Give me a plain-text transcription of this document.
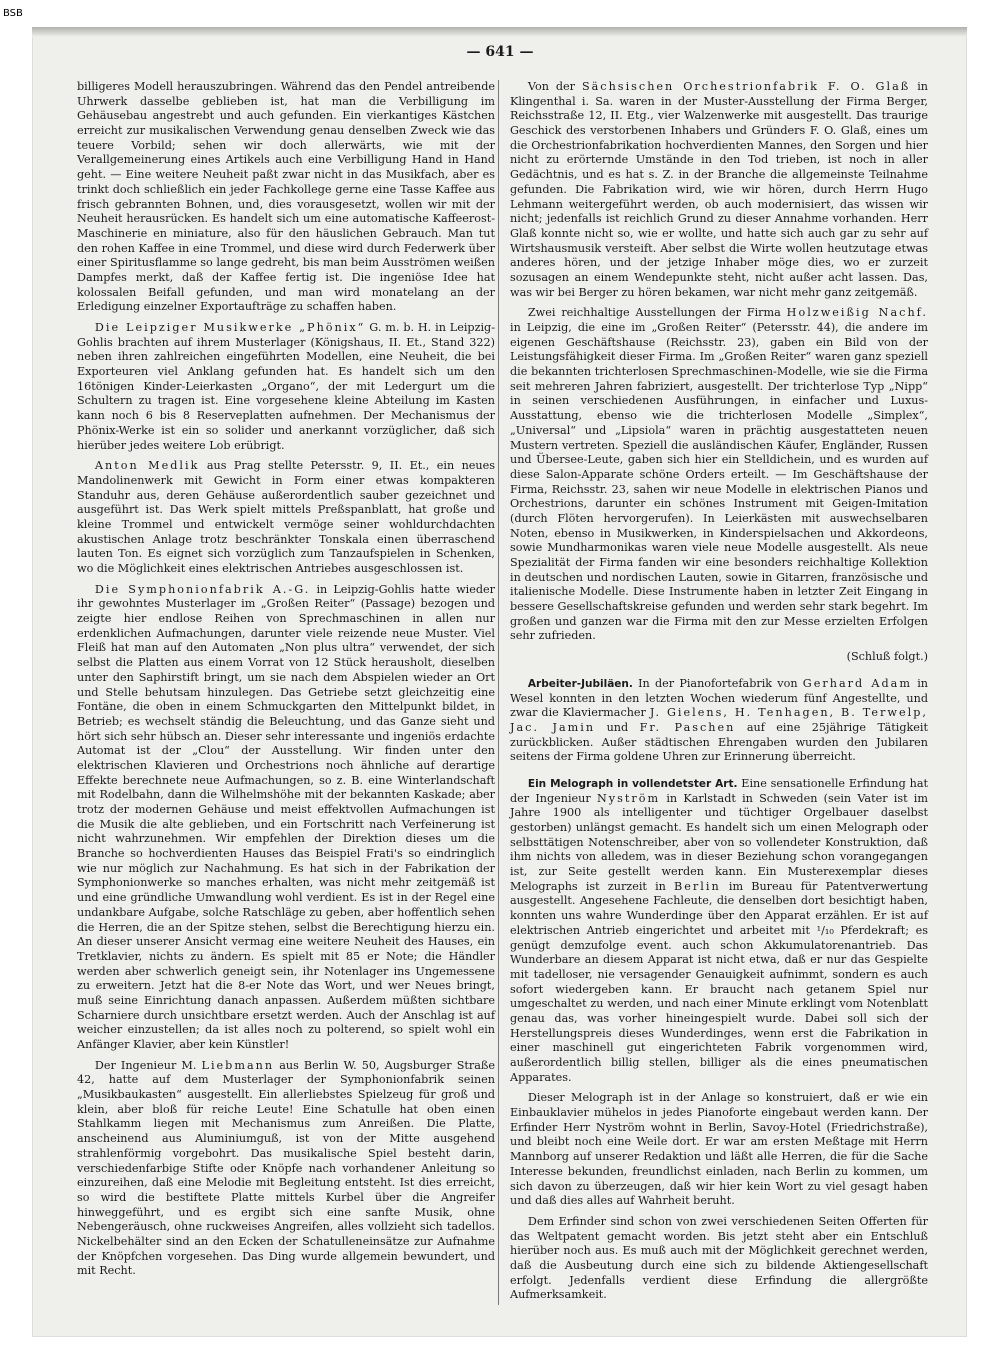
BSB
— 641 —

billigeres Modell herauszubringen. Während das den Pendel antreibende Uhrwerk dasselbe geblieben ist, hat man die Verbilligung im Gehäusebau angestrebt und auch gefunden. Ein vierkantiges Kästchen erreicht zur musikalischen Verwendung genau denselben Zweck wie das teuere Vorbild; sehen wir doch allerwärts, wie mit der Verallgemeinerung eines Artikels auch eine Verbilligung Hand in Hand geht. — Eine weitere Neuheit paßt zwar nicht in das Musikfach, aber es trinkt doch schließlich ein jeder Fachkollege gerne eine Tasse Kaffee aus frisch gebrannten Bohnen, und, dies vorausgesetzt, wollen wir mit der Neuheit herausrücken. Es handelt sich um eine automatische Kaffeerost-Maschinerie en miniature, also für den häuslichen Gebrauch. Man tut den rohen Kaffee in eine Trommel, und diese wird durch Federwerk über einer Spiritusflamme so lange gedreht, bis man beim Ausströmen weißen Dampfes merkt, daß der Kaffee fertig ist. Die ingeniöse Idee hat kolossalen Beifall gefunden, und man wird monatelang an der Erledigung einzelner Exportaufträge zu schaffen haben.

Die Leipziger Musikwerke „Phönix“ G. m. b. H. in Leipzig-Gohlis brachten auf ihrem Musterlager (Königshaus, II. Et., Stand 322) neben ihren zahlreichen eingeführten Modellen, eine Neuheit, die bei Exporteuren viel Anklang gefunden hat. Es handelt sich um den 16tönigen Kinder-Leierkasten „Organo“, der mit Ledergurt um die Schultern zu tragen ist. Eine vorgesehene kleine Abteilung im Kasten kann noch 6 bis 8 Reserveplatten aufnehmen. Der Mechanismus der Phönix-Werke ist ein so solider und anerkannt vorzüglicher, daß sich hierüber jedes weitere Lob erübrigt.

Anton Medlik aus Prag stellte Petersstr. 9, II. Et., ein neues Mandolinenwerk mit Gewicht in Form einer etwas kompakteren Standuhr aus, deren Gehäuse außerordentlich sauber gezeichnet und ausgeführt ist. Das Werk spielt mittels Preßspanblatt, hat große und kleine Trommel und entwickelt vermöge seiner wohldurchdachten akustischen Anlage trotz beschränkter Tonskala einen überraschend lauten Ton. Es eignet sich vorzüglich zum Tanzaufspielen in Schenken, wo die Möglichkeit eines elektrischen Antriebes ausgeschlossen ist.

Die Symphonionfabrik A.-G. in Leipzig-Gohlis hatte wieder ihr gewohntes Musterlager im „Großen Reiter“ (Passage) bezogen und zeigte hier endlose Reihen von Sprechmaschinen in allen nur erdenklichen Aufmachungen, darunter viele reizende neue Muster. Viel Fleiß hat man auf den Automaten „Non plus ultra“ verwendet, der sich selbst die Platten aus einem Vorrat von 12 Stück herausholt, dieselben unter den Saphirstift bringt, um sie nach dem Abspielen wieder an Ort und Stelle behutsam hinzulegen. Das Getriebe setzt gleichzeitig eine Fontäne, die oben in einem Schmuckgarten den Mittelpunkt bildet, in Betrieb; es wechselt ständig die Beleuchtung, und das Ganze sieht und hört sich sehr hübsch an. Dieser sehr interessante und ingeniös erdachte Automat ist der „Clou“ der Ausstellung. Wir finden unter den elektrischen Klavieren und Orchestrions noch ähnliche auf derartige Effekte berechnete neue Aufmachungen, so z. B. eine Winterlandschaft mit Rodelbahn, dann die Wilhelmshöhe mit der bekannten Kaskade; aber trotz der modernen Gehäuse und meist effektvollen Aufmachungen ist die Musik die alte geblieben, und ein Fortschritt nach Verfeinerung ist nicht wahrzunehmen. Wir empfehlen der Direktion dieses um die Branche so hochverdienten Hauses das Beispiel Frati's so eindringlich wie nur möglich zur Nachahmung. Es hat sich in der Fabrikation der Symphonionwerke so manches erhalten, was nicht mehr zeitgemäß ist und eine gründliche Umwandlung wohl verdient. Es ist in der Regel eine undankbare Aufgabe, solche Ratschläge zu geben, aber hoffentlich sehen die Herren, die an der Spitze stehen, selbst die Berechtigung hierzu ein. An dieser unserer Ansicht vermag eine weitere Neuheit des Hauses, ein Tretklavier, nichts zu ändern. Es spielt mit 85 er Note; die Händler werden aber schwerlich geneigt sein, ihr Notenlager ins Ungemessene zu erweitern. Jetzt hat die 8-er Note das Wort, und wer Neues bringt, muß seine Einrichtung danach anpassen. Außerdem müßten sichtbare Scharniere durch unsichtbare ersetzt werden. Auch der Anschlag ist auf weicher einzustellen; da ist alles noch zu polterend, so spielt wohl ein Anfänger Klavier, aber kein Künstler!

Der Ingenieur M. Liebmann aus Berlin W. 50, Augsburger Straße 42, hatte auf dem Musterlager der Symphonionfabrik seinen „Musikbaukasten“ ausgestellt. Ein allerliebstes Spielzeug für groß und klein, aber bloß für reiche Leute! Eine Schatulle hat oben einen Stahlkamm liegen mit Mechanismus zum Anreißen. Die Platte, anscheinend aus Aluminiumguß, ist von der Mitte ausgehend strahlenförmig vorgebohrt. Das musikalische Spiel besteht darin, verschiedenfarbige Stifte oder Knöpfe nach vorhandener Anleitung so einzureihen, daß eine Melodie mit Begleitung entsteht. Ist dies erreicht, so wird die bestiftete Platte mittels Kurbel über die Angreifer hinweggeführt, und es ergibt sich eine sanfte Musik, ohne Nebengeräusch, ohne ruckweises Angreifen, alles vollzieht sich tadellos. Nickelbehälter sind an den Ecken der Schatulleneinsätze zur Aufnahme der Knöpfchen vorgesehen. Das Ding wurde allgemein bewundert, und mit Recht.

Von der Sächsischen Orchestrionfabrik F. O. Glaß in Klingenthal i. Sa. waren in der Muster-Ausstellung der Firma Berger, Reichsstraße 12, II. Etg., vier Walzenwerke mit ausgestellt. Das traurige Geschick des verstorbenen Inhabers und Gründers F. O. Glaß, eines um die Orchestrionfabrikation hochverdienten Mannes, den Sorgen und hier nicht zu erörternde Umstände in den Tod trieben, ist noch in aller Gedächtnis, und es hat s. Z. in der Branche die allgemeinste Teilnahme gefunden. Die Fabrikation wird, wie wir hören, durch Herrn Hugo Lehmann weitergeführt werden, ob auch modernisiert, das wissen wir nicht; jedenfalls ist reichlich Grund zu dieser Annahme vorhanden. Herr Glaß konnte nicht so, wie er wollte, und hatte sich auch gar zu sehr auf Wirtshausmusik versteift. Aber selbst die Wirte wollen heutzutage etwas anderes hören, und der jetzige Inhaber möge dies, wo er zurzeit sozusagen an einem Wendepunkte steht, nicht außer acht lassen. Das, was wir bei Berger zu hören bekamen, war nicht mehr ganz zeitgemäß.

Zwei reichhaltige Ausstellungen der Firma Holzweißig Nachf. in Leipzig, die eine im „Großen Reiter“ (Petersstr. 44), die andere im eigenen Geschäftshause (Reichsstr. 23), gaben ein Bild von der Leistungsfähigkeit dieser Firma. Im „Großen Reiter“ waren ganz speziell die bekannten trichterlosen Sprechmaschinen-Modelle, wie sie die Firma seit mehreren Jahren fabriziert, ausgestellt. Der trichterlose Typ „Nipp“ in seinen verschiedenen Ausführungen, in einfacher und Luxus-Ausstattung, ebenso wie die trichterlosen Modelle „Simplex“, „Universal“ und „Lipsiola“ waren in prächtig ausgestatteten neuen Mustern vertreten. Speziell die ausländischen Käufer, Engländer, Russen und Übersee-Leute, gaben sich hier ein Stelldichein, und es wurden auf diese Salon-Apparate schöne Orders erteilt. — Im Geschäftshause der Firma, Reichsstr. 23, sahen wir neue Modelle in elektrischen Pianos und Orchestrions, darunter ein schönes Instrument mit Geigen-Imitation (durch Flöten hervorgerufen). In Leierkästen mit auswechselbaren Noten, ebenso in Musikwerken, in Kinderspielsachen und Akkordeons, sowie Mundharmonikas waren viele neue Modelle ausgestellt. Als neue Spezialität der Firma fanden wir eine besonders reichhaltige Kollektion in deutschen und nordischen Lauten, sowie in Gitarren, französische und italienische Modelle. Diese Instrumente haben in letzter Zeit Eingang in bessere Gesellschaftskreise gefunden und werden sehr stark begehrt. Im großen und ganzen war die Firma mit den zur Messe erzielten Erfolgen sehr zufrieden.

(Schluß folgt.)

Arbeiter-Jubiläen. In der Pianofortefabrik von Gerhard Adam in Wesel konnten in den letzten Wochen wiederum fünf Angestellte, und zwar die Klaviermacher J. Gielens, H. Tenhagen, B. Terwelp, Jac. Jamin und Fr. Paschen auf eine 25jährige Tätigkeit zurückblicken. Außer städtischen Ehrengaben wurden den Jubilaren seitens der Firma goldene Uhren zur Erinnerung überreicht.

Ein Melograph in vollendetster Art. Eine sensationelle Erfindung hat der Ingenieur Nyström in Karlstadt in Schweden (sein Vater ist im Jahre 1900 als intelligenter und tüchtiger Orgelbauer daselbst gestorben) unlängst gemacht. Es handelt sich um einen Melograph oder selbsttätigen Notenschreiber, aber von so vollendeter Konstruktion, daß ihm nichts von alledem, was in dieser Beziehung schon vorangegangen ist, zur Seite gestellt werden kann. Ein Musterexemplar dieses Melographs ist zurzeit in Berlin im Bureau für Patentverwertung ausgestellt. Angesehene Fachleute, die denselben dort besichtigt haben, konnten uns wahre Wunderdinge über den Apparat erzählen. Er ist auf elektrischen Antrieb eingerichtet und arbeitet mit ¹/₁₀ Pferdekraft; es genügt demzufolge event. auch schon Akkumulatorenantrieb. Das Wunderbare an diesem Apparat ist nicht etwa, daß er nur das Gespielte mit tadelloser, nie versagender Genauigkeit aufnimmt, sondern es auch sofort wiedergeben kann. Er braucht nach getanem Spiel nur umgeschaltet zu werden, und nach einer Minute erklingt vom Notenblatt genau das, was vorher hineingespielt wurde. Dabei soll sich der Herstellungspreis dieses Wunderdinges, wenn erst die Fabrikation in einer maschinell gut eingerichteten Fabrik vorgenommen wird, außerordentlich billig stellen, billiger als die eines pneumatischen Apparates.

Dieser Melograph ist in der Anlage so konstruiert, daß er wie ein Einbauklavier mühelos in jedes Pianoforte eingebaut werden kann. Der Erfinder Herr Nyström wohnt in Berlin, Savoy-Hotel (Friedrichstraße), und bleibt noch eine Weile dort. Er war am ersten Meßtage mit Herrn Mannborg auf unserer Redaktion und läßt alle Herren, die für die Sache Interesse bekunden, freundlichst einladen, nach Berlin zu kommen, um sich davon zu überzeugen, daß wir hier kein Wort zu viel gesagt haben und daß dies alles auf Wahrheit beruht.

Dem Erfinder sind schon von zwei verschiedenen Seiten Offerten für das Weltpatent gemacht worden. Bis jetzt steht aber ein Entschluß hierüber noch aus. Es muß auch mit der Möglichkeit gerechnet werden, daß die Ausbeutung durch eine sich zu bildende Aktiengesellschaft erfolgt. Jedenfalls verdient diese Erfindung die allergrößte Aufmerksamkeit.
